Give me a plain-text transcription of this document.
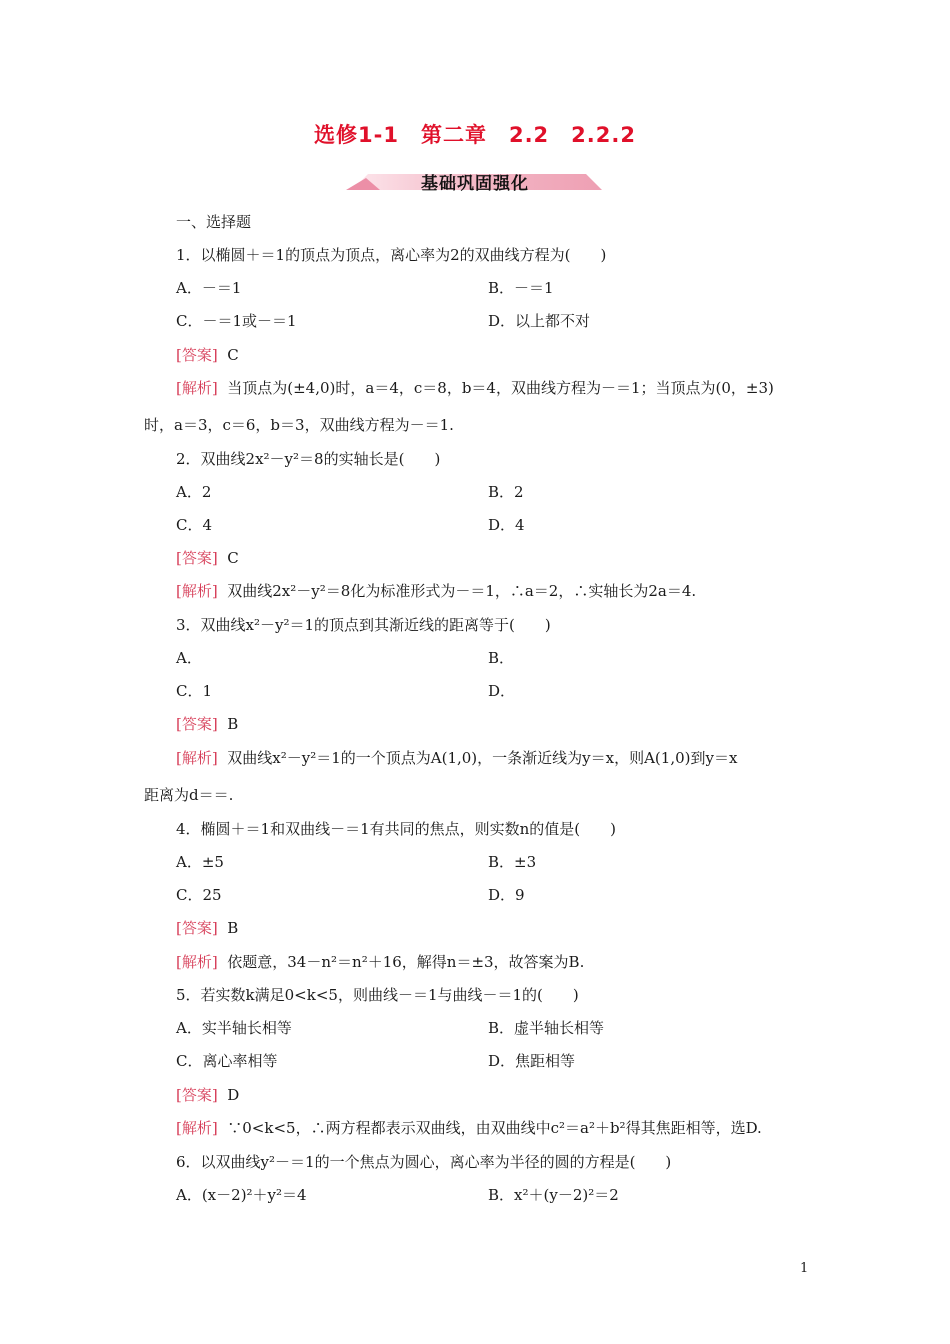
选修1-1　第二章　2.2　2.2.2
基础巩固强化
一、选择题
1．以椭圆＋＝1的顶点为顶点，离心率为2的双曲线方程为(　　)
A．－＝1	B．－＝1
C．－＝1或－＝1	D．以上都不对
[答案] C
[解析] 当顶点为(±4,0)时，a＝4，c＝8，b＝4，双曲线方程为－＝1；当顶点为(0，±3)
时，a＝3，c＝6，b＝3，双曲线方程为－＝1.
2．双曲线2x²－y²＝8的实轴长是(　　)
A．2	B．2
C．4	D．4
[答案] C
[解析] 双曲线2x²－y²＝8化为标准形式为－＝1，∴a＝2，∴实轴长为2a＝4.
3．双曲线x²－y²＝1的顶点到其渐近线的距离等于(　　)
A．	B．
C．1	D．
[答案] B
[解析] 双曲线x²－y²＝1的一个顶点为A(1,0)，一条渐近线为y＝x，则A(1,0)到y＝x
距离为d＝＝.
4．椭圆＋＝1和双曲线－＝1有共同的焦点，则实数n的值是(　　)
A．±5	B．±3
C．25	D．9
[答案] B
[解析] 依题意，34－n²＝n²＋16，解得n＝±3，故答案为B.
5．若实数k满足0<k<5，则曲线－＝1与曲线－＝1的(　　)
A．实半轴长相等	B．虚半轴长相等
C．离心率相等	D．焦距相等
[答案] D
[解析] ∵0<k<5，∴两方程都表示双曲线，由双曲线中c²＝a²＋b²得其焦距相等，选D.
6．以双曲线y²－＝1的一个焦点为圆心，离心率为半径的圆的方程是(　　)
A．(x－2)²＋y²＝4	B．x²＋(y－2)²＝2
1
